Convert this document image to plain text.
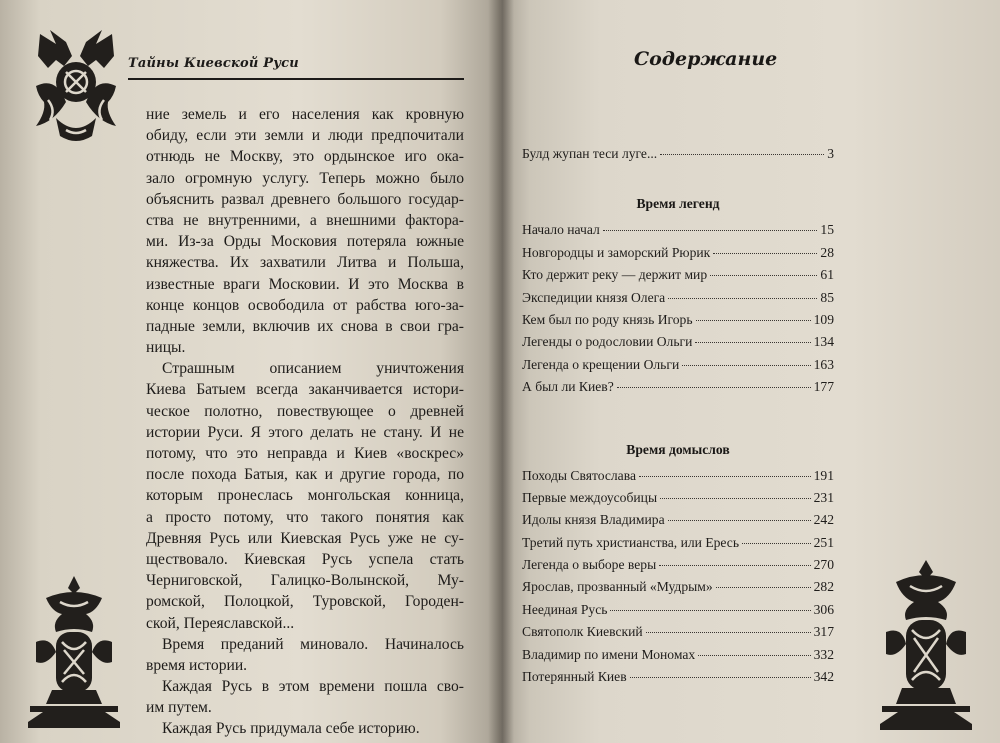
Тайны Киевской Руси
ние земель и его населения как кровную
обиду, если эти земли и люди предпочитали
отнюдь не Москву, это ордынское иго ока-
зало огромную услугу. Теперь можно было
объяснить развал древнего большого государ-
ства не внутренними, а внешними фактора-
ми. Из-за Орды Московия потеряла южные
княжества. Их захватили Литва и Польша,
известные враги Московии. И это Москва в
конце концов освободила от рабства юго-за-
падные земли, включив их снова в свои гра-
ницы.
Страшным описанием уничтожения
Киева Батыем всегда заканчивается истори-
ческое полотно, повествующее о древней
истории Руси. Я этого делать не стану. И не
потому, что это неправда и Киев «воскрес»
после похода Батыя, как и другие города, по
которым пронеслась монгольская конница,
а просто потому, что такого понятия как
Древняя Русь или Киевская Русь уже не су-
ществовало. Киевская Русь успела стать
Черниговской, Галицко-Волынской, Му-
ромской, Полоцкой, Туровской, Городен-
ской, Переяславской...
Время преданий миновало. Начиналось
время истории.
Каждая Русь в этом времени пошла сво-
им путем.
Каждая Русь придумала себе историю.
Содержание
Булд жупан теси луге...	3
Время легенд
Начало начал	15
Новгородцы и заморский Рюрик	28
Кто держит реку — держит мир	61
Экспедиции князя Олега	85
Кем был по роду князь Игорь	109
Легенды о родословии Ольги	134
Легенда о крещении Ольги	163
А был ли Киев?	177
Время домыслов
Походы Святослава	191
Первые междоусобицы	231
Идолы князя Владимира	242
Третий путь христианства, или Ересь	251
Легенда о выборе веры	270
Ярослав, прозванный «Мудрым»	282
Неединая Русь	306
Святополк Киевский	317
Владимир по имени Мономах	332
Потерянный Киев	342
